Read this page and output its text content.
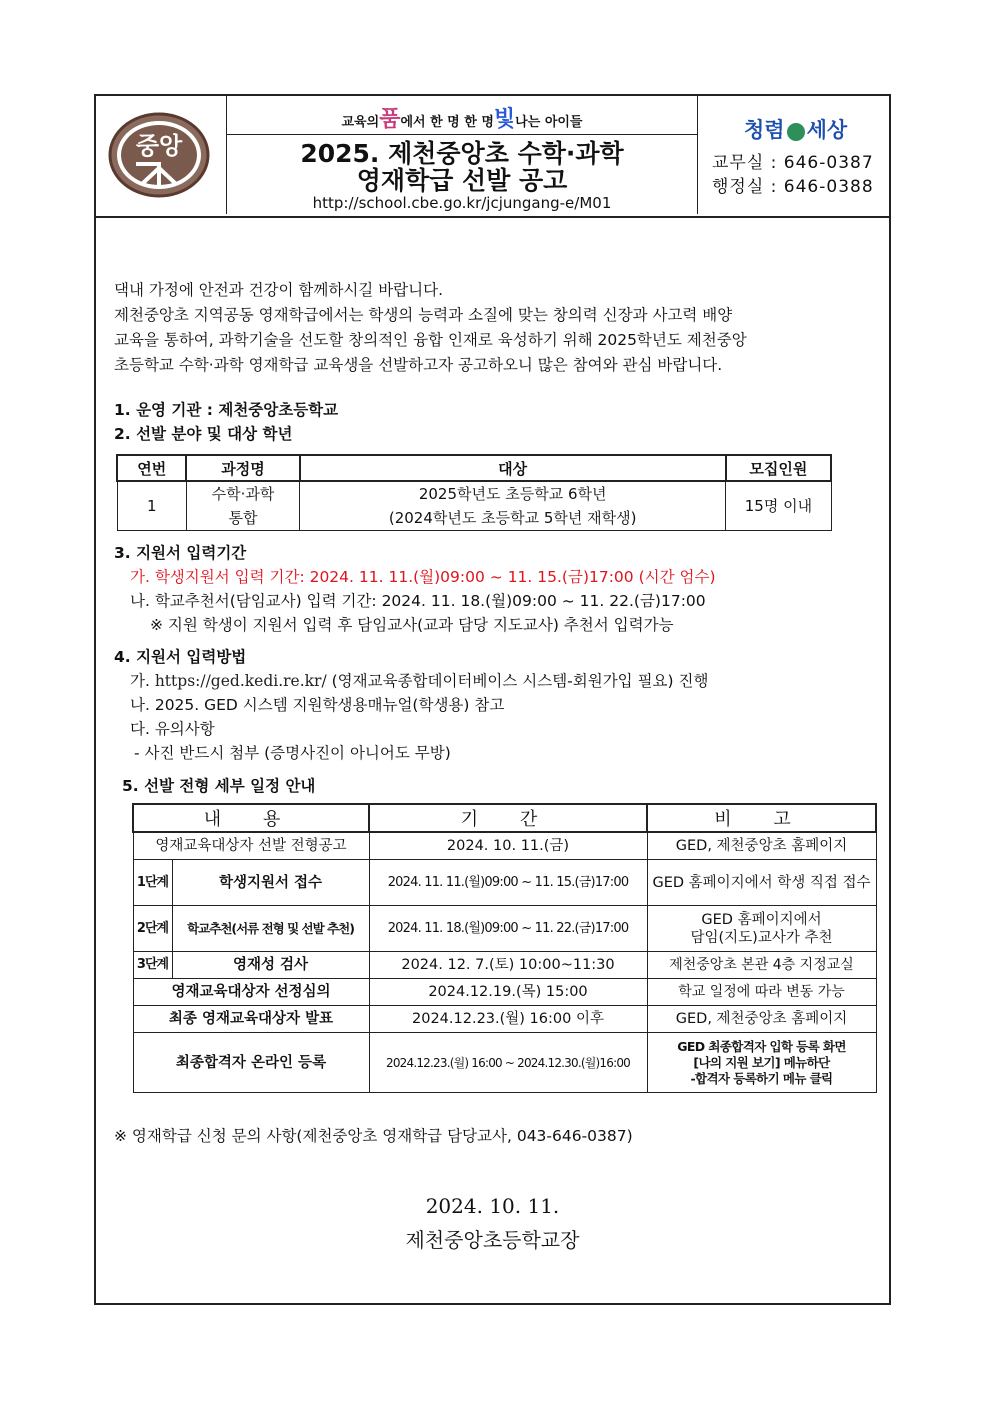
중앙
교육의품에서 한 명 한 명빛나는 아이들
2025. 제천중앙초 수학·과학
영재학급 선발 공고
http://school.cbe.go.kr/jcjungang-e/M01
청렴 세상
교무실 : 646-0387
행정실 : 646-0388

댁내 가정에 안전과 건강이 함께하시길 바랍니다.

제천중앙초 지역공동 영재학급에서는 학생의 능력과 소질에 맞는 창의력 신장과 사고력 배양

교육을 통하여, 과학기술을 선도할 창의적인 융합 인재로 육성하기 위해 2025학년도 제천중앙

초등학교 수학·과학 영재학급 교육생을 선발하고자 공고하오니 많은 참여와 관심 바랍니다.

1. 운영 기관 : 제천중앙초등학교
2. 선발 분야 및 대상 학년
연번	과정명	대상	모집인원
1	수학·과학	2025학년도 초등학교 6학년	15명 이내
	통합	(2024학년도 초등학교 5학년 재학생)	
3. 지원서 입력기간
가. 학생지원서 입력 기간: 2024. 11. 11.(월)09:00 ~ 11. 15.(금)17:00 (시간 엄수)
나. 학교추천서(담임교사) 입력 기간: 2024. 11. 18.(월)09:00 ~ 11. 22.(금)17:00
※ 지원 학생이 지원서 입력 후 담임교사(교과 담당 지도교사) 추천서 입력가능
4. 지원서 입력방법
가. https://ged.kedi.re.kr/ (영재교육종합데이터베이스 시스템-회원가입 필요) 진행
나. 2025. GED 시스템 지원학생용매뉴얼(학생용) 참고
다. 유의사항
- 사진 반드시 첨부 (증명사진이 아니어도 무방)
5. 선발 전형 세부 일정 안내
내 용		기 간	비 고
영재교육대상자 선발 전형공고		2024. 10. 11.(금)	GED, 제천중앙초 홈페이지
1단계	학생지원서 접수	2024. 11. 11.(월)09:00 ~ 11. 15.(금)17:00	GED 홈페이지에서 학생 직접 접수
2단계	학교추천(서류 전형 및 선발 추천)	2024. 11. 18.(월)09:00 ~ 11. 22.(금)17:00	GED 홈페이지에서
담임(지도)교사가 추천

3단계	영재성 검사	2024. 12. 7.(토) 10:00~11:30	제천중앙초 본관 4층 지정교실
영재교육대상자 선정심의		2024.12.19.(목) 15:00	학교 일정에 따라 변동 가능
최종 영재교육대상자 발표		2024.12.23.(월) 16:00 이후	GED, 제천중앙초 홈페이지
최종합격자 온라인 등록		2024.12.23.(월) 16:00 ~ 2024.12.30.(월)16:00	GED 최종합격자 입학 등록 화면
[나의 지원 보기] 메뉴하단
-합격자 등록하기 메뉴 클릭
※ 영재학급 신청 문의 사항(제천중앙초 영재학급 담당교사, 043-646-0387)
2024. 10. 11.
제천중앙초등학교장
